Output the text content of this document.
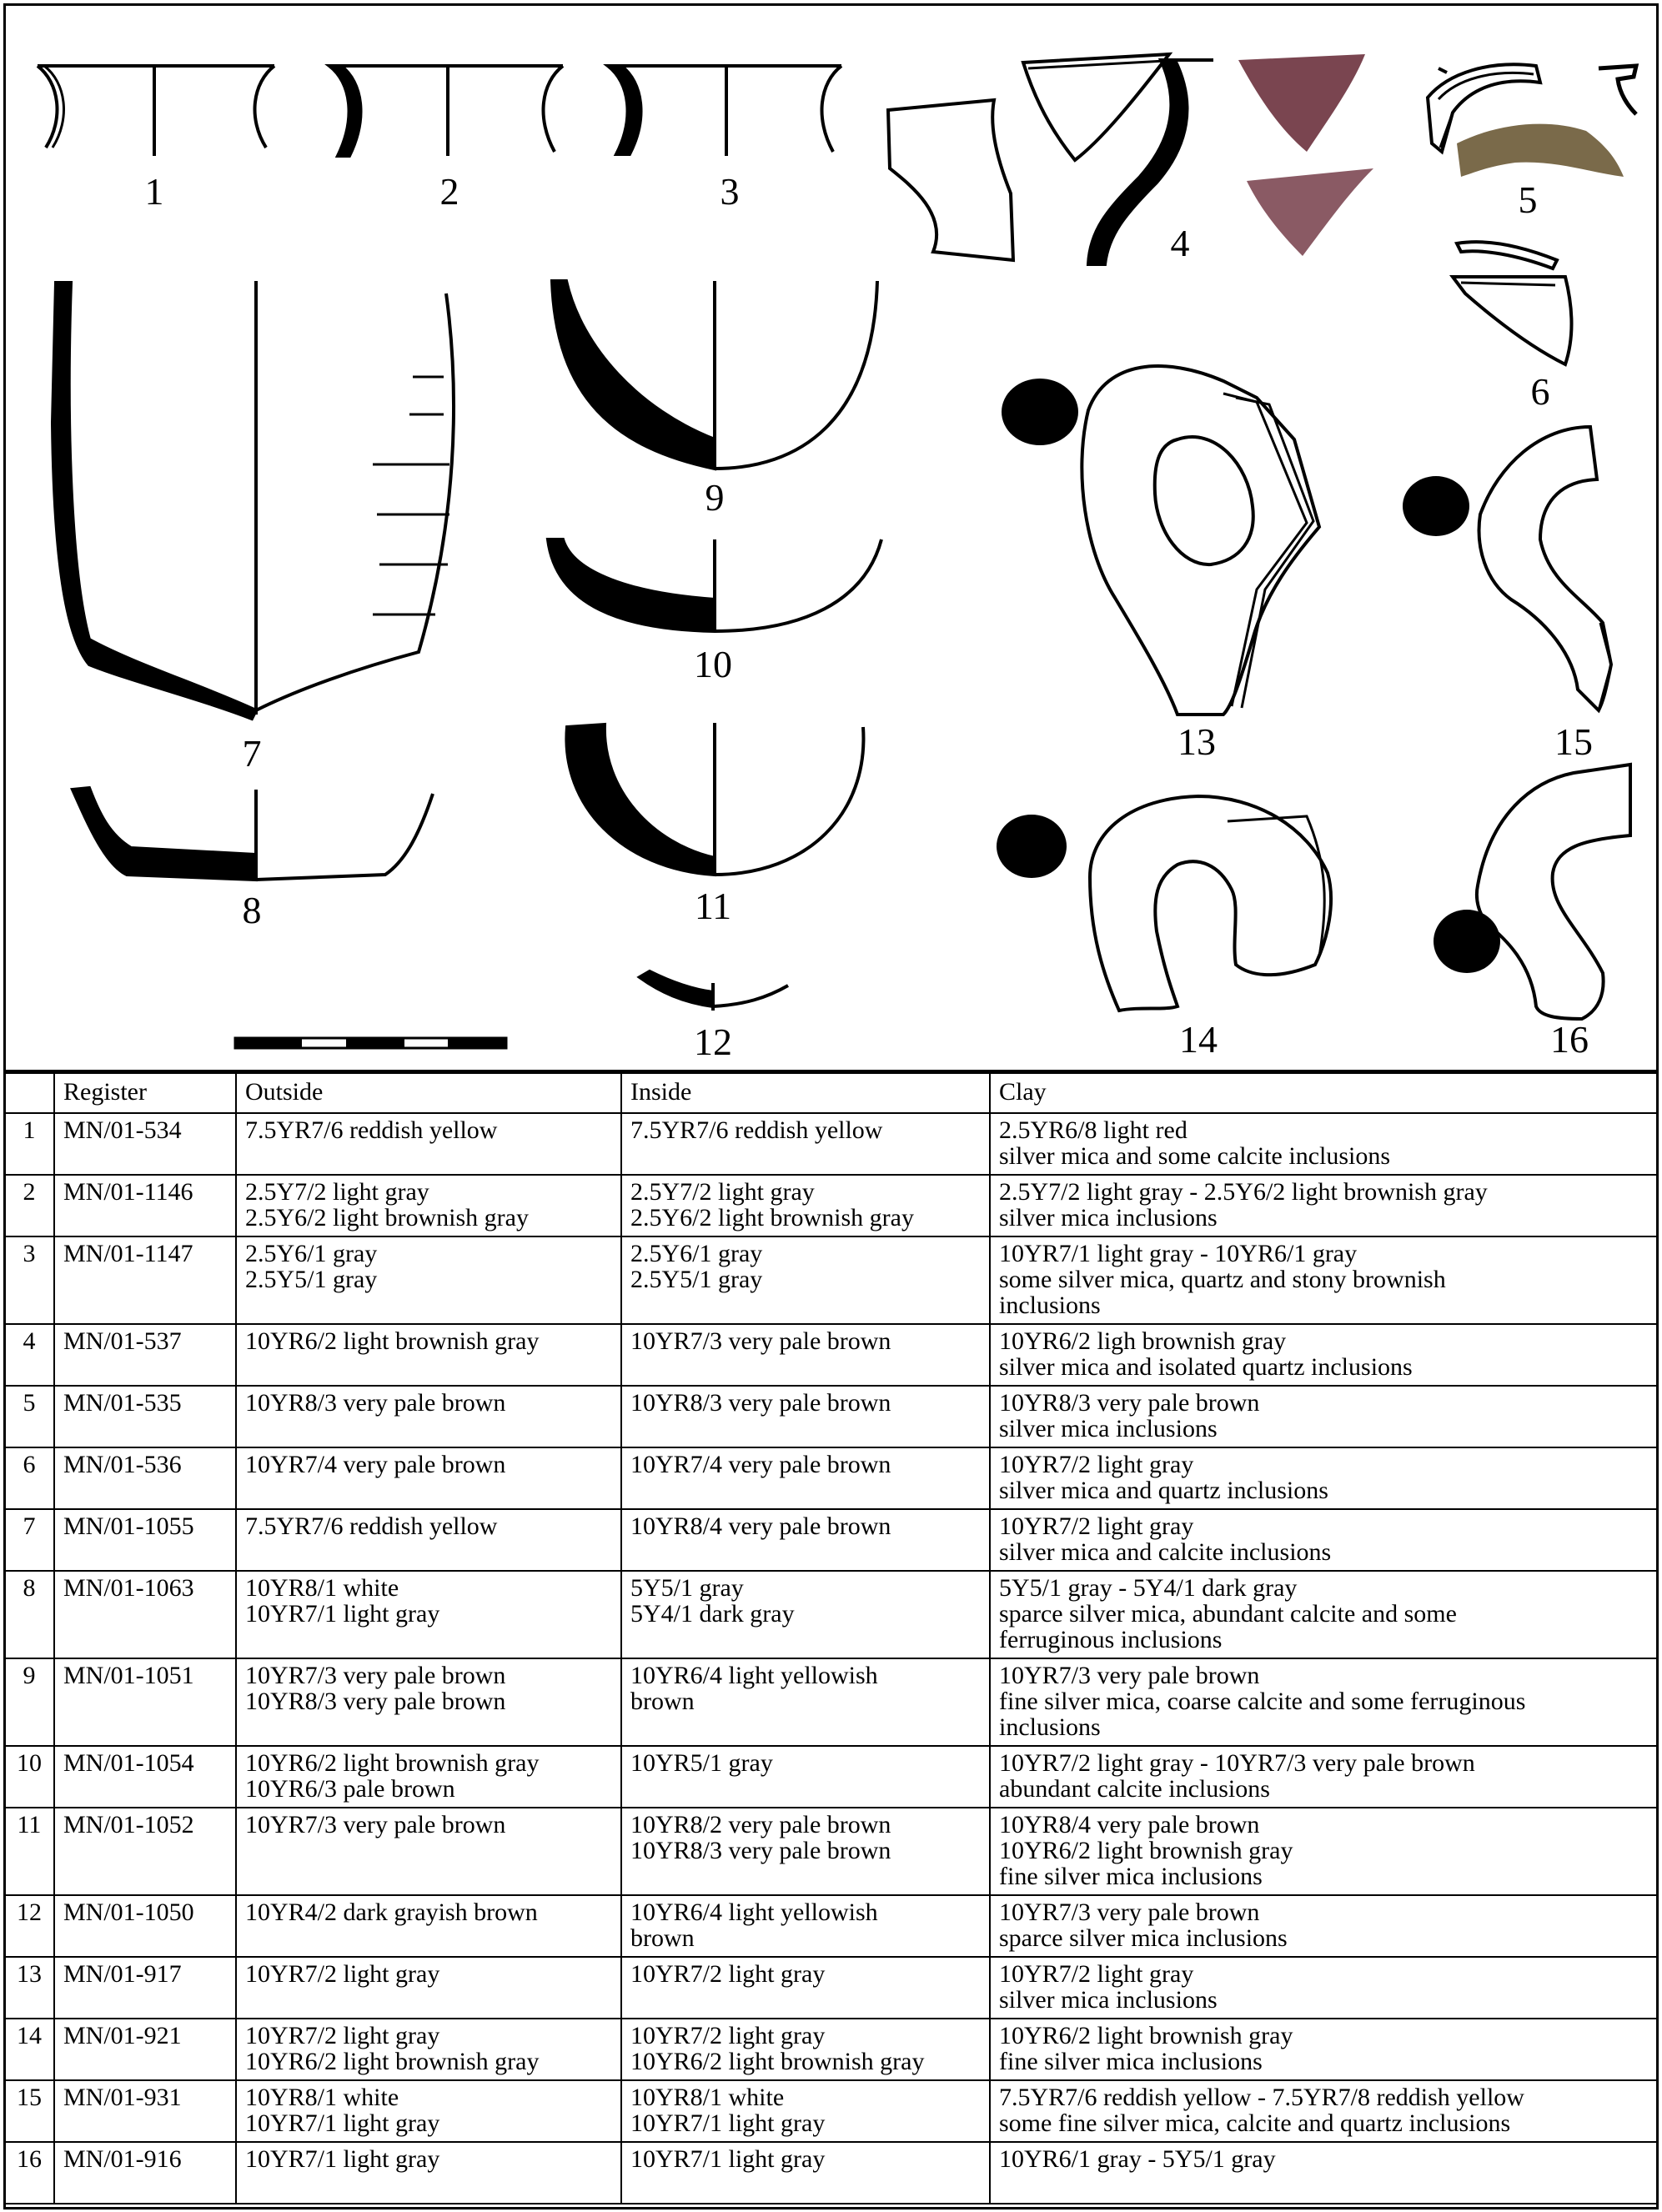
1	2	3
4
5
6
7
8
9
10
11
12
13
14
15
16
	Register	Outside	Inside	Clay
1	MN/01-534	7.5YR7/6 reddish yellow	7.5YR7/6 reddish yellow	2.5YR6/8 light red
silver mica and some calcite inclusions

2	MN/01-1146	2.5Y7/2 light gray
2.5Y6/2 light brownish gray	2.5Y7/2 light gray
2.5Y6/2 light brownish gray	2.5Y7/2 light gray - 2.5Y6/2 light brownish gray
silver mica inclusions

3	MN/01-1147	2.5Y6/1 gray
2.5Y5/1 gray	2.5Y6/1 gray
2.5Y5/1 gray	10YR7/1 light gray - 10YR6/1 gray
some silver mica, quartz and stony brownish
inclusions

4	MN/01-537	10YR6/2 light brownish gray	10YR7/3 very pale brown	10YR6/2 ligh brownish gray
silver mica and isolated quartz inclusions

5	MN/01-535	10YR8/3 very pale brown	10YR8/3 very pale brown	10YR8/3 very pale brown
silver mica inclusions

6	MN/01-536	10YR7/4 very pale brown	10YR7/4 very pale brown	10YR7/2 light gray
silver mica and quartz inclusions

7	MN/01-1055	7.5YR7/6 reddish yellow	10YR8/4 very pale brown	10YR7/2 light gray
silver mica and calcite inclusions

8	MN/01-1063	10YR8/1 white
10YR7/1 light gray	5Y5/1 gray
5Y4/1 dark gray	5Y5/1 gray - 5Y4/1 dark gray
sparce silver mica, abundant calcite and some
ferruginous inclusions

9	MN/01-1051	10YR7/3 very pale brown
10YR8/3 very pale brown	10YR6/4 light yellowish
brown	10YR7/3 very pale brown
fine silver mica, coarse calcite and some ferruginous
inclusions

10	MN/01-1054	10YR6/2 light brownish gray
10YR6/3 pale brown	10YR5/1 gray	10YR7/2 light gray - 10YR7/3 very pale brown
abundant calcite inclusions

11	MN/01-1052	10YR7/3 very pale brown	10YR8/2 very pale brown
10YR8/3 very pale brown	10YR8/4 very pale brown
10YR6/2 light brownish gray
fine silver mica inclusions

12	MN/01-1050	10YR4/2 dark grayish brown	10YR6/4 light yellowish
brown	10YR7/3 very pale brown
sparce silver mica inclusions

13	MN/01-917	10YR7/2 light gray	10YR7/2 light gray	10YR7/2 light gray
silver mica inclusions

14	MN/01-921	10YR7/2 light gray
10YR6/2 light brownish gray	10YR7/2 light gray
10YR6/2 light brownish gray	10YR6/2 light brownish gray
fine silver mica inclusions

15	MN/01-931	10YR8/1 white
10YR7/1 light gray	10YR8/1 white
10YR7/1 light gray	7.5YR7/6 reddish yellow - 7.5YR7/8 reddish yellow
some fine silver mica, calcite and quartz inclusions

16	MN/01-916	10YR7/1 light gray	10YR7/1 light gray	10YR6/1 gray - 5Y5/1 gray
